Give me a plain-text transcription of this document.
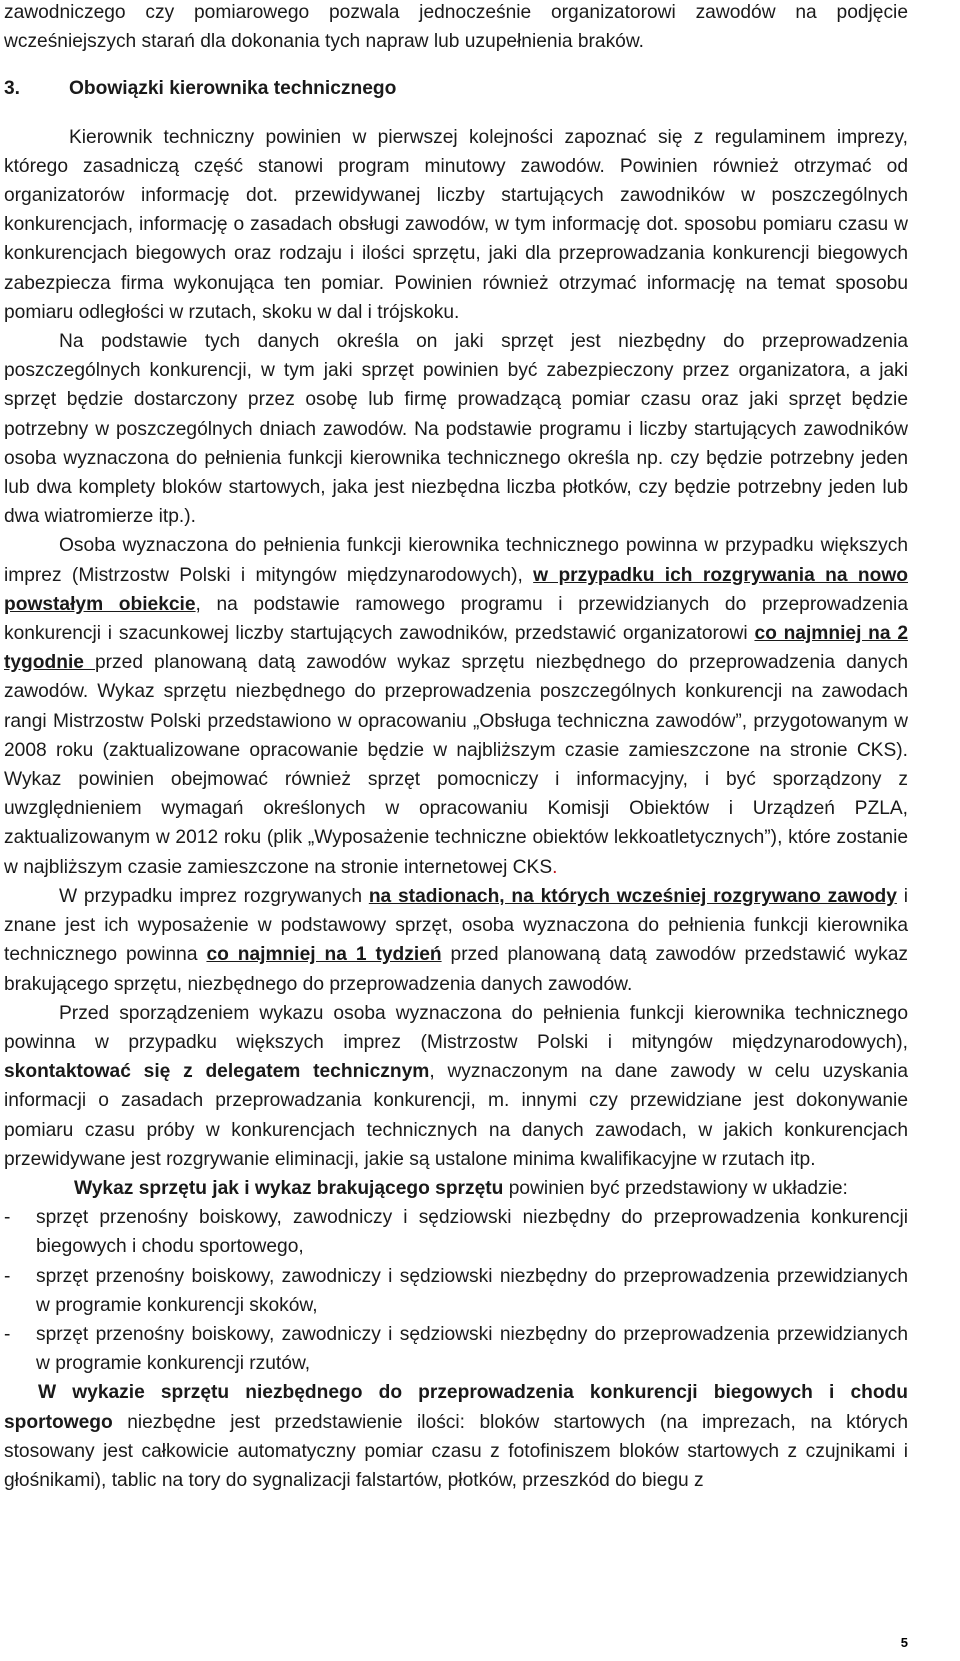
zawodniczego czy pomiarowego pozwala jednocześnie organizatorowi zawodów na podjęcie wcześniejszych starań dla dokonania tych napraw lub uzupełnienia braków.

3.	Obowiązki kierownika technicznego

Kierownik techniczny powinien w pierwszej kolejności zapoznać się z regulaminem imprezy, którego zasadniczą część stanowi program minutowy zawodów. Powinien również otrzymać od organizatorów informację dot. przewidywanej liczby startujących zawodników w poszczególnych konkurencjach, informację o zasadach obsługi zawodów, w tym informację dot. sposobu pomiaru czasu w konkurencjach biegowych oraz rodzaju i ilości sprzętu, jaki dla przeprowadzania konkurencji biegowych zabezpiecza firma wykonująca ten pomiar. Powinien również otrzymać informację na temat sposobu pomiaru odległości w rzutach, skoku w dal i trójskoku.

Na podstawie tych danych określa on jaki sprzęt jest niezbędny do przeprowadzenia poszczególnych konkurencji, w tym jaki sprzęt powinien być zabezpieczony przez organizatora, a jaki sprzęt będzie dostarczony przez osobę lub firmę prowadzącą pomiar czasu oraz jaki sprzęt będzie potrzebny w poszczególnych dniach zawodów. Na podstawie programu i liczby startujących zawodników osoba wyznaczona do pełnienia funkcji kierownika technicznego określa np. czy będzie potrzebny jeden lub dwa komplety bloków startowych, jaka jest niezbędna liczba płotków, czy będzie potrzebny jeden lub dwa wiatromierze itp.).

Osoba wyznaczona do pełnienia funkcji kierownika technicznego powinna w przypadku większych imprez (Mistrzostw Polski i mityngów międzynarodowych), w przypadku ich rozgrywania na nowo powstałym obiekcie, na podstawie ramowego programu i przewidzianych do przeprowadzenia konkurencji i szacunkowej liczby startujących zawodników, przedstawić organizatorowi co najmniej na 2 tygodnie przed planowaną datą zawodów wykaz sprzętu niezbędnego do przeprowadzenia danych zawodów. Wykaz sprzętu niezbędnego do przeprowadzenia poszczególnych konkurencji na zawodach rangi Mistrzostw Polski przedstawiono w opracowaniu „Obsługa techniczna zawodów”, przygotowanym w 2008 roku (zaktualizowane opracowanie będzie w najbliższym czasie zamieszczone na stronie CKS). Wykaz powinien obejmować również sprzęt pomocniczy i informacyjny, i być sporządzony z uwzględnieniem wymagań określonych w opracowaniu Komisji Obiektów i Urządzeń PZLA, zaktualizowanym w 2012 roku (plik „Wyposażenie techniczne obiektów lekkoatletycznych”), które zostanie w najbliższym czasie zamieszczone na stronie internetowej CKS.

W przypadku imprez rozgrywanych na stadionach, na których wcześniej rozgrywano zawody i znane jest ich wyposażenie w podstawowy sprzęt, osoba wyznaczona do pełnienia funkcji kierownika technicznego powinna co najmniej na 1 tydzień przed planowaną datą zawodów przedstawić wykaz brakującego sprzętu, niezbędnego do przeprowadzenia danych zawodów.

Przed sporządzeniem wykazu osoba wyznaczona do pełnienia funkcji kierownika technicznego powinna w przypadku większych imprez (Mistrzostw Polski i mityngów międzynarodowych), skontaktować się z delegatem technicznym, wyznaczonym na dane zawody w celu uzyskania informacji o zasadach przeprowadzania konkurencji, m. innymi czy przewidziane jest dokonywanie pomiaru czasu próby w konkurencjach technicznych na danych zawodach, w jakich konkurencjach przewidywane jest rozgrywanie eliminacji, jakie są ustalone minima kwalifikacyjne w rzutach itp.

Wykaz sprzętu jak i wykaz brakującego sprzętu powinien być przedstawiony w układzie:

-	sprzęt przenośny boiskowy, zawodniczy i sędziowski niezbędny do przeprowadzenia konkurencji biegowych i chodu sportowego,
-	sprzęt przenośny boiskowy, zawodniczy i sędziowski niezbędny do przeprowadzenia przewidzianych w programie konkurencji skoków,
-	sprzęt przenośny boiskowy, zawodniczy i sędziowski niezbędny do przeprowadzenia przewidzianych w programie konkurencji rzutów,

W wykazie sprzętu niezbędnego do przeprowadzenia konkurencji biegowych i chodu sportowego niezbędne jest przedstawienie ilości: bloków startowych (na imprezach, na których stosowany jest całkowicie automatyczny pomiar czasu z fotofiniszem bloków startowych z czujnikami i głośnikami), tablic na tory do sygnalizacji falstartów, płotków, przeszkód do biegu z

5
